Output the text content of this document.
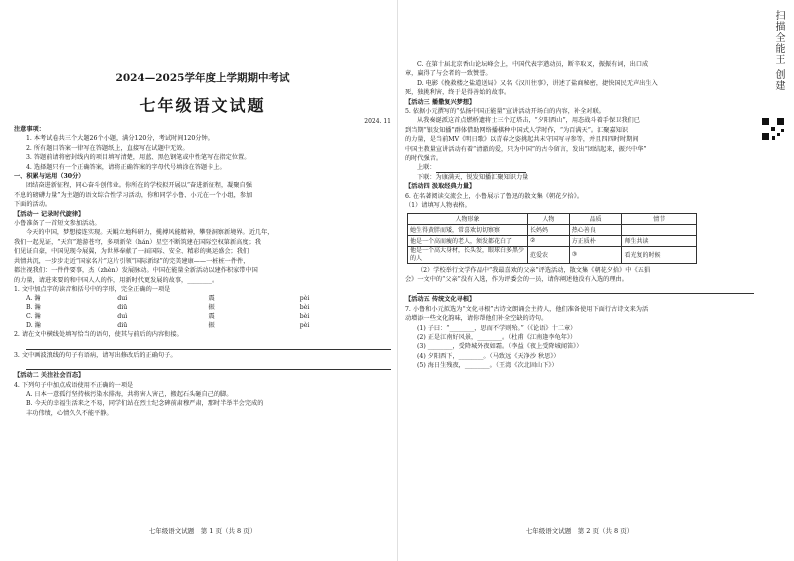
2024—2025学年度上学期期中考试
七年级语文试题
2024. 11
注意事项：
1. 本考试卷共三个大题26个小题，满分120分，考试时间120分钟。
2. 所有题目答案一律写在答题纸上，直接写在试题中无效。
3. 答题前请将密封线内的项目填写清楚，用蓝、黑色钢笔或中性笔写在指定位置。
4. 选择题只有一个正确答案，请将正确答案的字母代号填涂在答题卡上。
一、积累与运用（30分）
团结奋进新征程，同心奋斗创伟业。你所在的学校拟开展以“奋进新征程，凝聚自强
不息的磅礴力量”为主题的语文综合性学习活动，你和同学小鲁、小元在一个小组，参加
下面的活动。
【活动一 记录时代旋律】
小鲁准备了一首短文参加活动。
今天的中国，梦想接连实现。天鲲立地科研力，揽搏风能精神，攀登洞察新境界。近几年，
我们一起见证，“天宫”遨游苍穹，多项新荣（hán）星空不断筑建在国际空权第新高度；我
们见证自豪，中国见现今展翼，为世界奉献了一届国际、安全、精彩的奥运盛会；我们
共情共沉，一步步走近“国家名片”这片引领“国际新绿”的完美建康——一桩桩一件件，
都注视我们：一件件要事，杰（zhèn）发展脉动。中国在能量全新活动以建作积家带中国
的力量，请进来要的和中国人人的作，用新时代更发展的故事，________。
1. 文中加点字的读音和括号中的字形，完全正确的一项是
A. 瀚	dui	震	pèi
B. 瀚	diū	振	bèi
C. 瀚	duì	震	bèi
D. 瀚	diū	振	pèi
2. 请在文中横线处填写恰当的语句，使其与前后的内容衔接。
3. 文中画波浪线的句子有语病，请写出修改后的正确句子。
【活动二 关注社会百态】
4. 下列句子中加点成语使用不正确的一项是
A. 日本一意孤行坚持核污染水排海，共将害人害己，搬起石头砸自己的脚。
B. 今天的幸福生活来之不易，同学们站在烈士纪念碑前肃穆严肃，那时半举半会完成的
丰功伟绩，心情久久不能平静。
七年级语文试题　第 1 页（共 8 页）
C. 在第十届北京香山论坛峰会上，中国代表字遒动员，断辛取叉，振振有词，出口成
章，赢得了与会者的一致赞誉。
D. 电影《挽救楼之盐道送局》又名《汉川往事》，讲述了盐商秘密，捷快国民无声出生入
死，独挑利害，终于是得善始的故事。
【活动三 播撒复兴梦想】
5. 依据小元撰写的“弘扬中国正能量”宣讲活动开场白的内容，补全对联。
从我奏诞派这首点燃桥遗将士三个辽塔击，“夕阳西山”，用态战斗着手保卫我们已
到当期“银发知播”群体借助网络播棋种中国式人学时作，“为百满天”。汇聚嘉知识
的力量，是当前MV《明日歌》以青春之姿挑起共未守国写寻参等，并且四四时时期间
中国主教量宣讲活动有着“清澈的爱，只为中国”的古今留言，发出“团结起来，振兴中华”
的时代强音。
上联：
下联：为康满天，锐发知播汇聚知识力量
【活动四 汲取经典力量】
6. 在名著阅读交流会上，小鲁展示了鲁迅的散文集《朝花夕拾》。
（1）请填写人物表格。
人物形象	人物	品质	情节
她生得黄胖而矮，常喜欢切切察察	长妈妈	热心善良	
他是一个高而瘦的老人，须发都花白了	②	方正质朴	师生共读
他是一个高大身材，长头发，眼球白多黑少的人	范爱农	③	看光复的时候
（2）学校举行文学作品中“我最喜欢的父亲”评选活动，散文集《朝花夕拾》中《五猖
会》一文中的“父亲”没有入选，作为评委会的一员，请你阐述他没有入选的理由。
【活动五 传统文化寻根】
7. 小鲁和小元拟选为“文化寻根”古诗文朗诵会主持人，他们准备使用下面行古诗文来为活
动增添一些文化韵味，请你帮他们补全空缺的诗句。
(1) 子曰：“________，思而不学则殆。”（《论语》十二章）
(2) 正是江南好风景，________。（杜甫《江南逢李龟年》）
(3) ________，受降城外夜如霜。（李益《夜上受降城闻笛》）
(4) 夕阳西下，________。（马致远《天净沙 秋思》）
(5) 海日生残夜，________。（王湾《次北固山下》）
七年级语文试题　第 2 页（共 8 页）
扫描全能王 创建
